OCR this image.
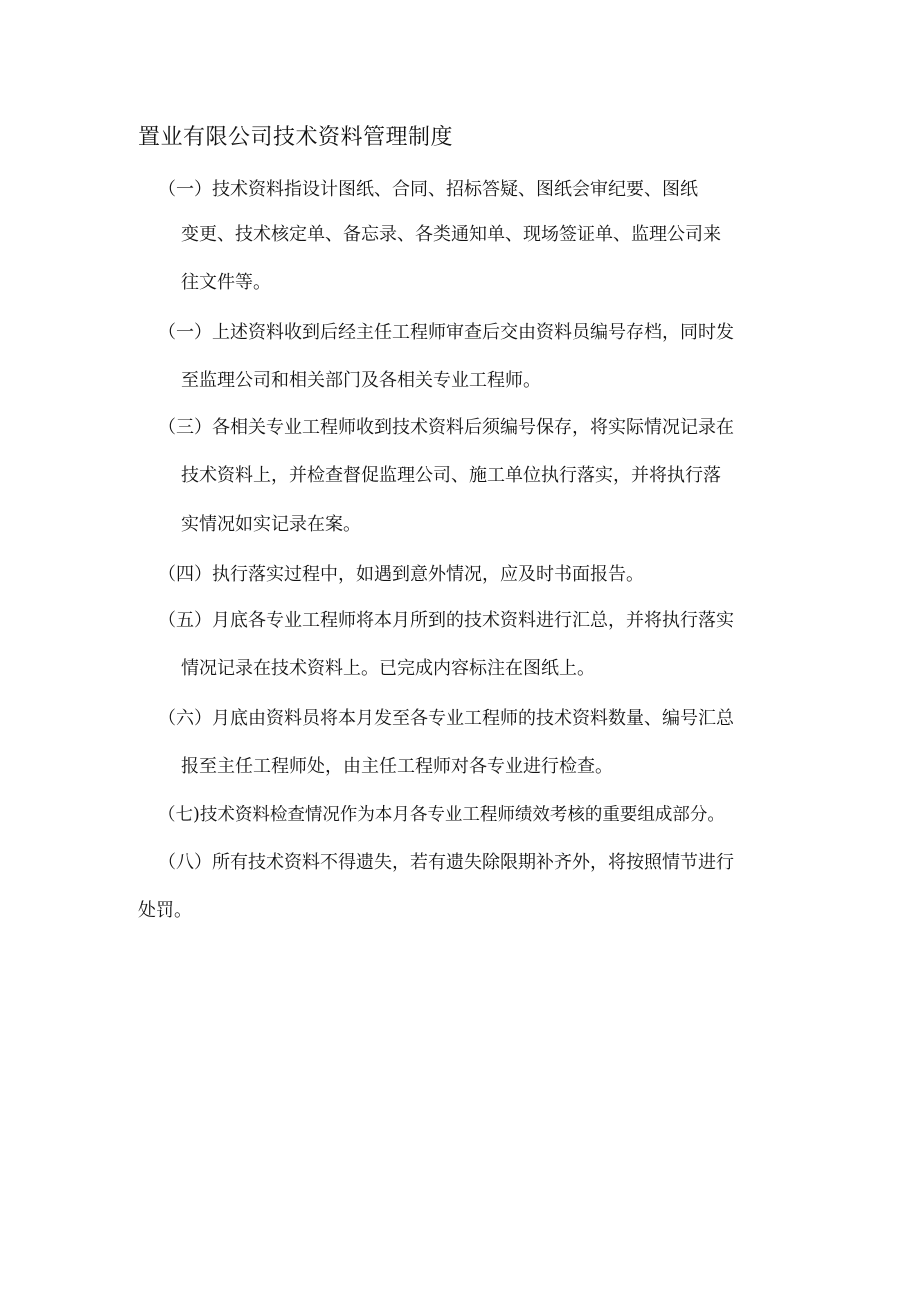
置业有限公司技术资料管理制度
（一）技术资料指设计图纸、合同、招标答疑、图纸会审纪要、图纸
变更、技术核定单、备忘录、各类通知单、现场签证单、监理公司来
往文件等。
（一）上述资料收到后经主任工程师审查后交由资料员编号存档，同时发
至监理公司和相关部门及各相关专业工程师。
（三）各相关专业工程师收到技术资料后须编号保存，将实际情况记录在
技术资料上，并检查督促监理公司、施工单位执行落实，并将执行落
实情况如实记录在案。
（四）执行落实过程中，如遇到意外情况，应及时书面报告。
（五）月底各专业工程师将本月所到的技术资料进行汇总，并将执行落实
情况记录在技术资料上。已完成内容标注在图纸上。
（六）月底由资料员将本月发至各专业工程师的技术资料数量、编号汇总
报至主任工程师处，由主任工程师对各专业进行检查。
（七)技术资料检查情况作为本月各专业工程师绩效考核的重要组成部分。
（八）所有技术资料不得遗失，若有遗失除限期补齐外，将按照情节进行
处罚。
